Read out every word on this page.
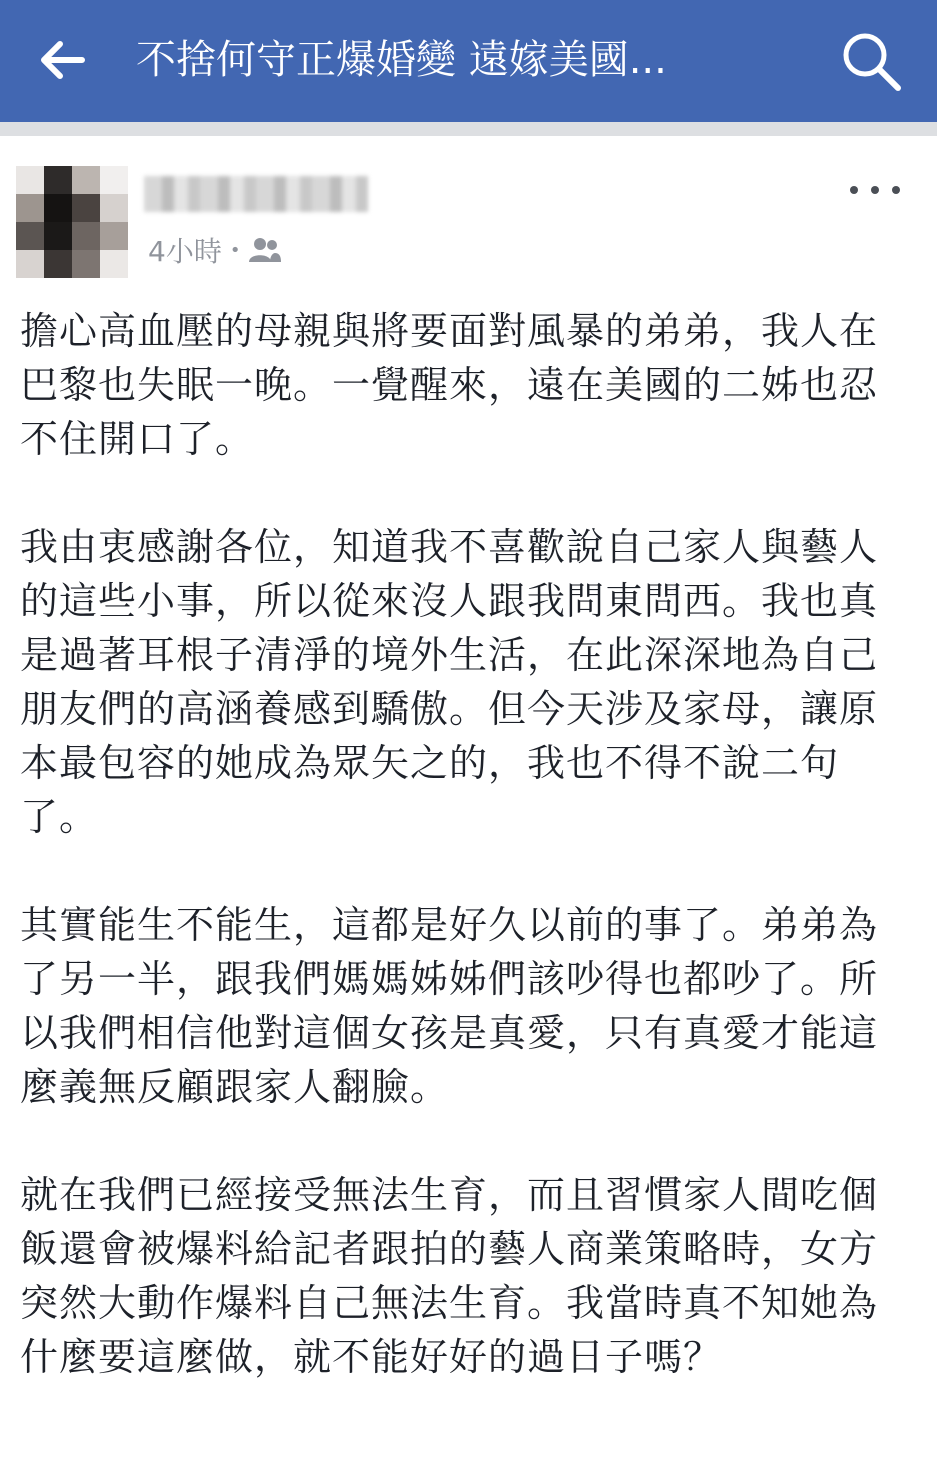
不捨何守正爆婚變 遠嫁美國...
4小時 •

擔心高血壓的母親與將要面對風暴的弟弟，我人在巴黎也失眠一晚。一覺醒來，遠在美國的二姊也忍不住開口了。

我由衷感謝各位，知道我不喜歡說自己家人與藝人的這些小事，所以從來沒人跟我問東問西。我也真是過著耳根子清淨的境外生活，在此深深地為自己朋友們的高涵養感到驕傲。但今天涉及家母，讓原本最包容的她成為眾矢之的，我也不得不說二句了。

其實能生不能生，這都是好久以前的事了。弟弟為了另一半，跟我們媽媽姊姊們該吵得也都吵了。所以我們相信他對這個女孩是真愛，只有真愛才能這麼義無反顧跟家人翻臉。

就在我們已經接受無法生育，而且習慣家人間吃個飯還會被爆料給記者跟拍的藝人商業策略時，女方突然大動作爆料自己無法生育。我當時真不知她為什麼要這麼做，就不能好好的過日子嗎？
